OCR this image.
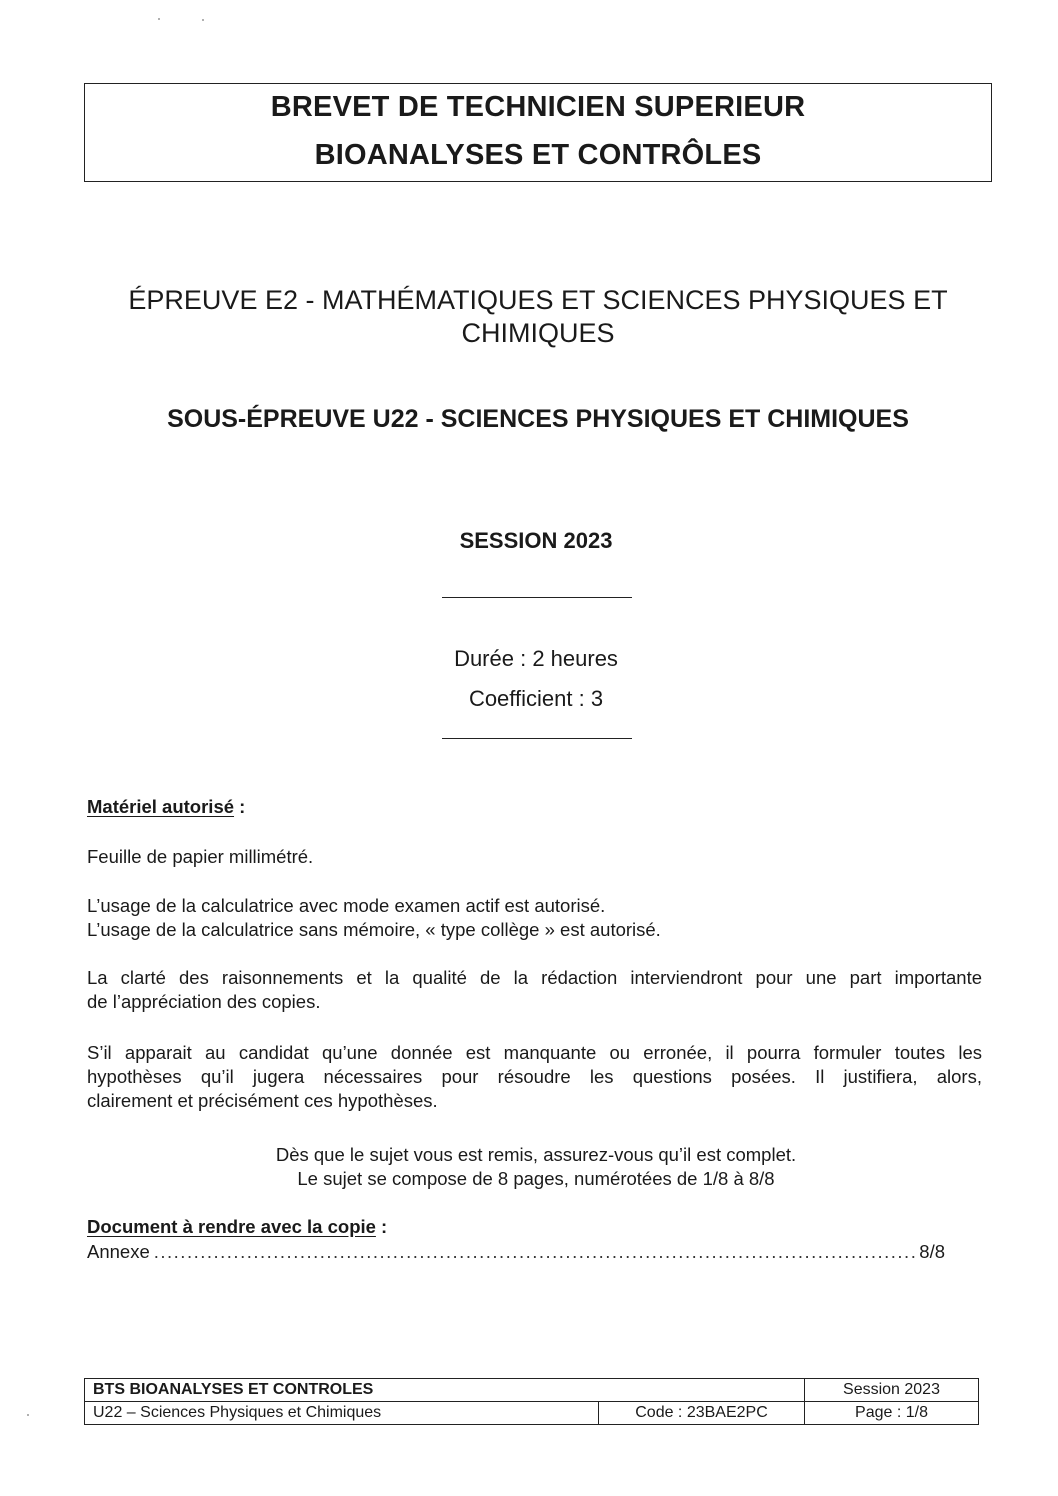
BREVET DE TECHNICIEN SUPERIEUR
BIOANALYSES ET CONTRÔLES
ÉPREUVE E2 - MATHÉMATIQUES ET SCIENCES PHYSIQUES ET
CHIMIQUES
SOUS-ÉPREUVE U22 - SCIENCES PHYSIQUES ET CHIMIQUES
SESSION 2023
Durée : 2 heures
Coefficient : 3
Matériel autorisé :
Feuille de papier millimétré.
L’usage de la calculatrice avec mode examen actif est autorisé.
L’usage de la calculatrice sans mémoire, « type collège » est autorisé.
La clarté des raisonnements et la qualité de la rédaction interviendront pour une part importante
de l’appréciation des copies.
S’il apparait au candidat qu’une donnée est manquante ou erronée, il pourra formuler toutes les
hypothèses qu’il jugera nécessaires pour résoudre les questions posées. Il justifiera, alors,
clairement et précisément ces hypothèses.
Dès que le sujet vous est remis, assurez-vous qu’il est complet.
Le sujet se compose de 8 pages, numérotées de 1/8 à 8/8
Document à rendre avec la copie :
Annexe .....	8/8
BTS BIOANALYSES ET CONTROLES		Session 2023
U22 – Sciences Physiques et Chimiques	Code : 23BAE2PC	Page : 1/8
